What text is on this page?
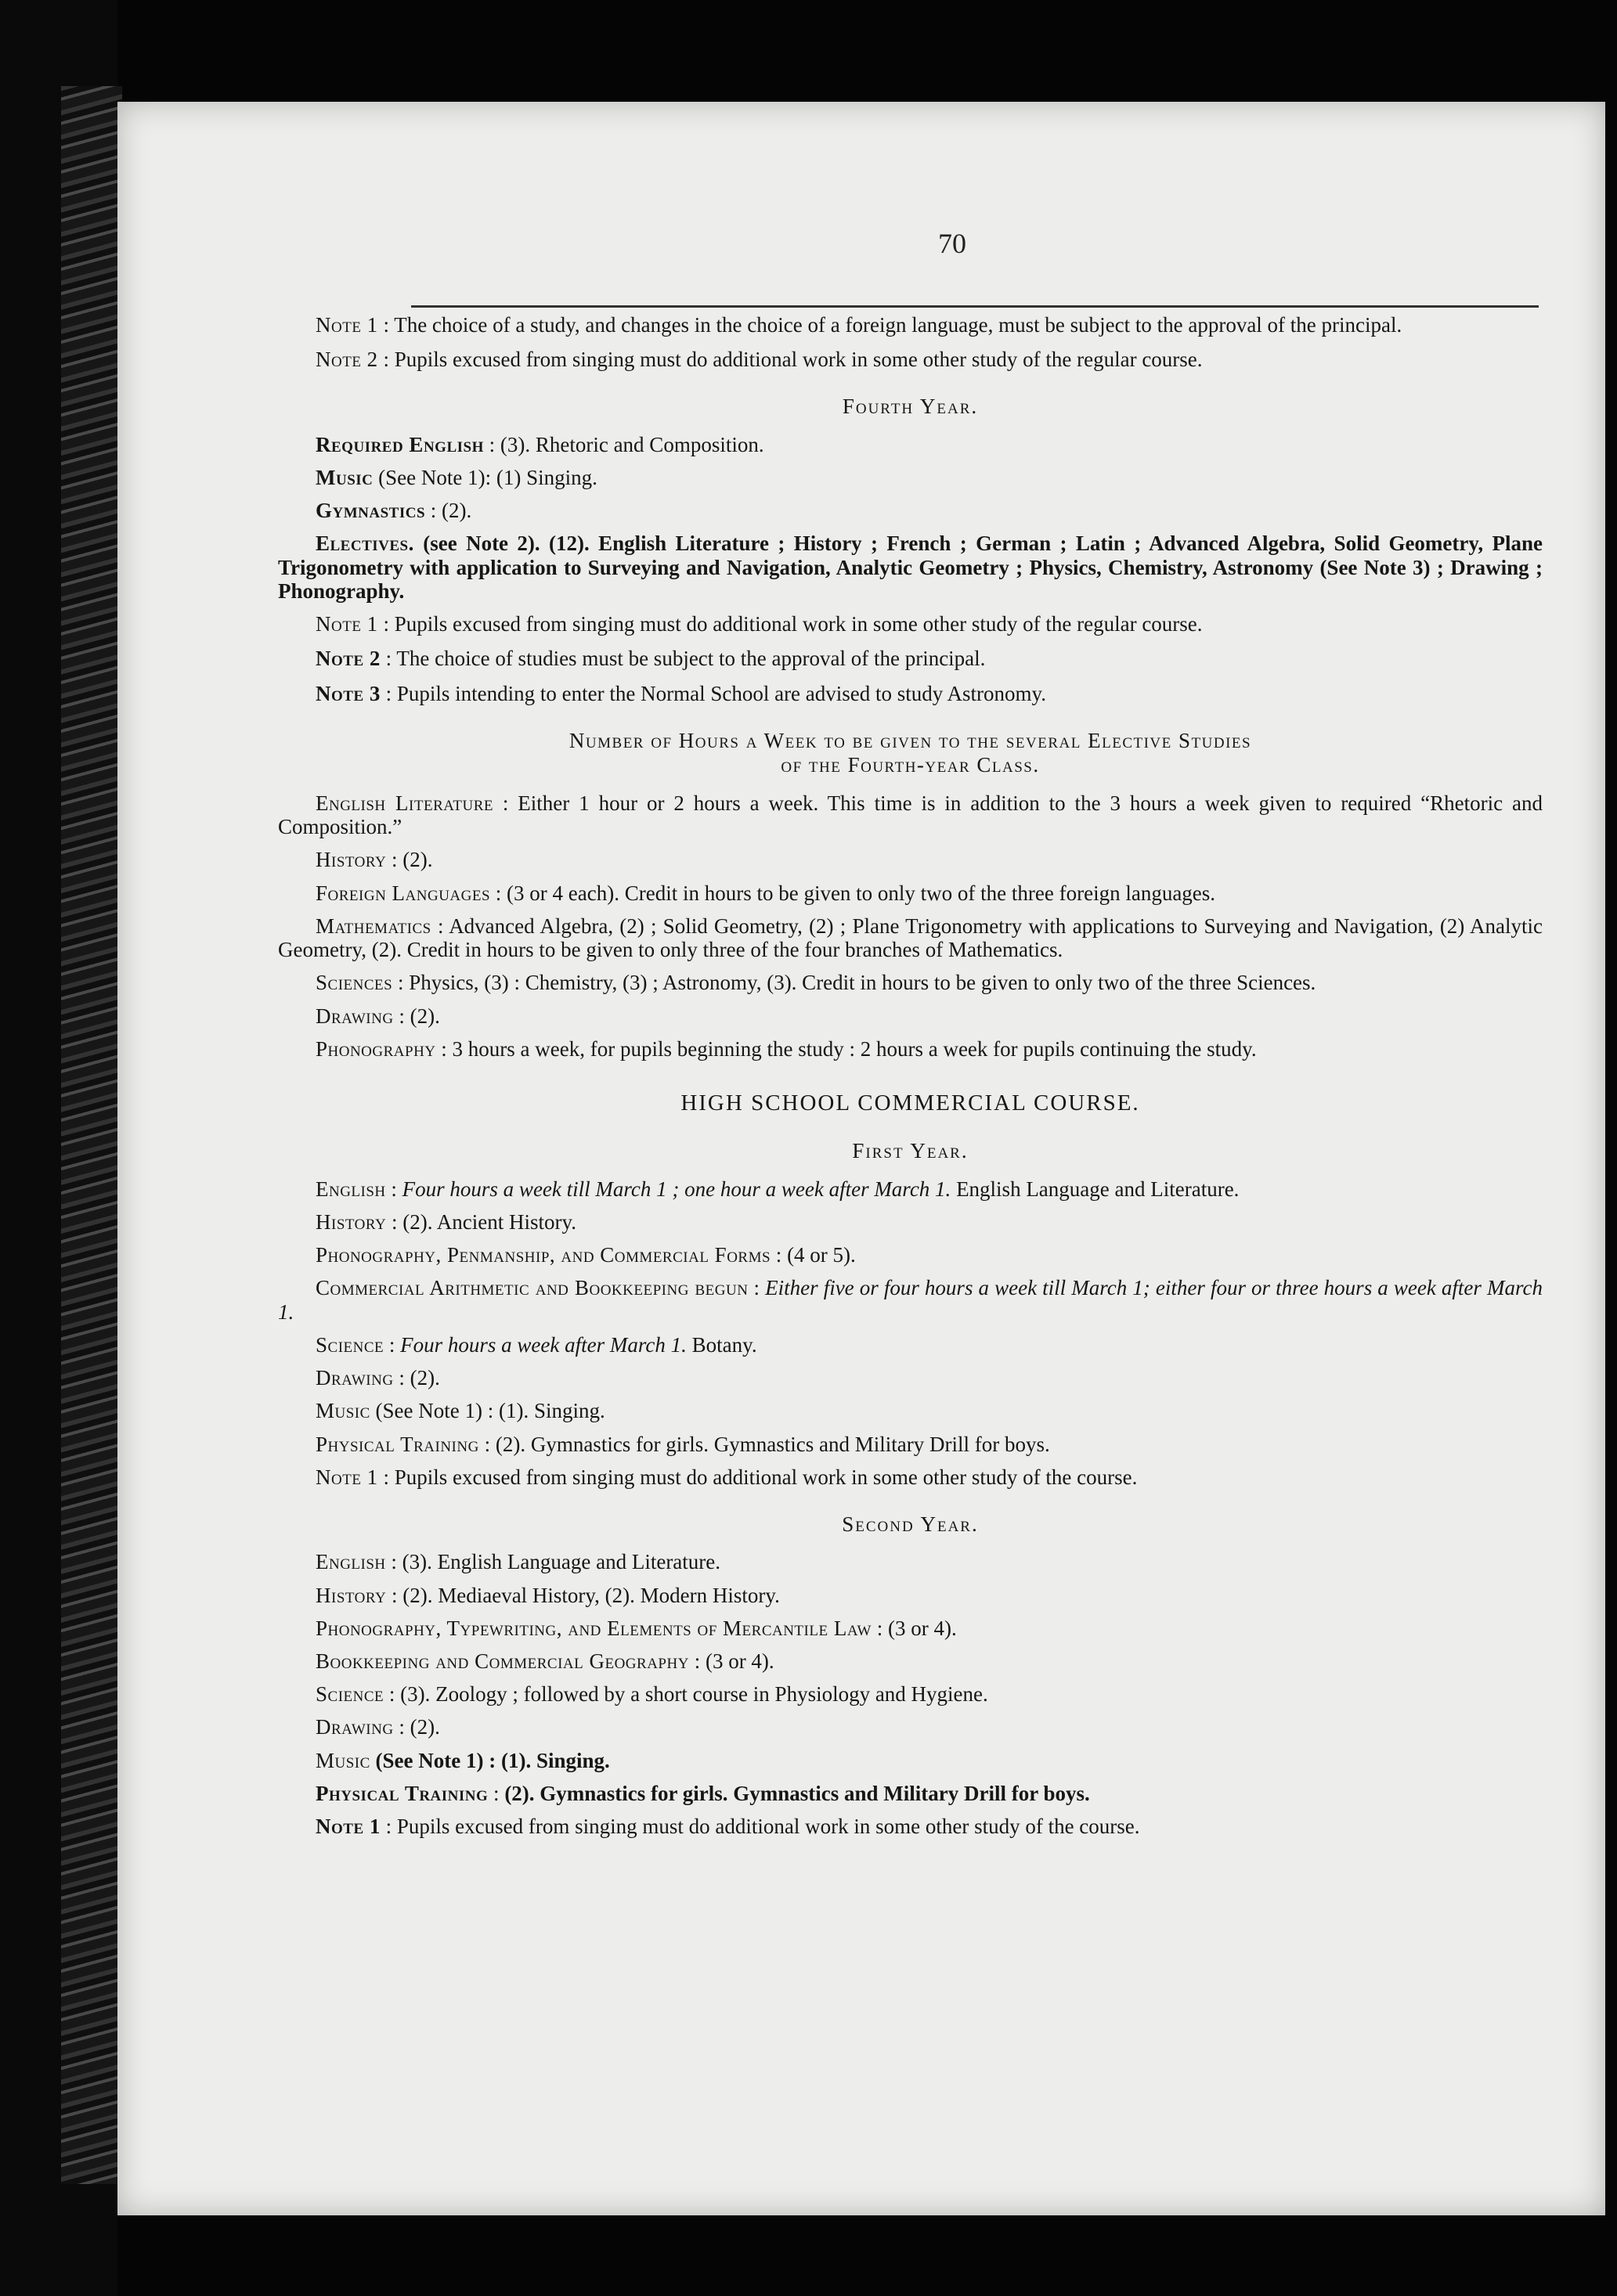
70

Note 1 : The choice of a study, and changes in the choice of a foreign language, must be subject to the approval of the principal.

Note 2 : Pupils excused from singing must do additional work in some other study of the regular course.

Fourth Year.

Required English : (3). Rhetoric and Composition.

Music (See Note 1): (1) Singing.

Gymnastics : (2).

Electives. (see Note 2). (12). English Literature ; History ; French ; German ; Latin ; Advanced Algebra, Solid Geometry, Plane Trigonometry with application to Surveying and Navigation, Analytic Geometry ; Physics, Chemistry, Astronomy (See Note 3) ; Drawing ; Phonography.

Note 1 : Pupils excused from singing must do additional work in some other study of the regular course.

Note 2 : The choice of studies must be subject to the approval of the principal.

Note 3 : Pupils intending to enter the Normal School are advised to study Astronomy.

Number of Hours a Week to be given to the several Elective Studies
of the Fourth-year Class.

English Literature : Either 1 hour or 2 hours a week. This time is in addition to the 3 hours a week given to required “Rhetoric and Composition.”

History : (2).

Foreign Languages : (3 or 4 each). Credit in hours to be given to only two of the three foreign languages.

Mathematics : Advanced Algebra, (2) ; Solid Geometry, (2) ; Plane Trigonometry with applications to Surveying and Navigation, (2) Analytic Geometry, (2). Credit in hours to be given to only three of the four branches of Mathematics.

Sciences : Physics, (3) : Chemistry, (3) ; Astronomy, (3). Credit in hours to be given to only two of the three Sciences.

Drawing : (2).

Phonography : 3 hours a week, for pupils beginning the study : 2 hours a week for pupils continuing the study.

HIGH SCHOOL COMMERCIAL COURSE.
First Year.

English : Four hours a week till March 1 ; one hour a week after March 1. English Language and Literature.

History : (2). Ancient History.

Phonography, Penmanship, and Commercial Forms : (4 or 5).

Commercial Arithmetic and Bookkeeping begun : Either five or four hours a week till March 1; either four or three hours a week after March 1.

Science : Four hours a week after March 1. Botany.

Drawing : (2).

Music (See Note 1) : (1). Singing.

Physical Training : (2). Gymnastics for girls. Gymnastics and Military Drill for boys.

Note 1 : Pupils excused from singing must do additional work in some other study of the course.

Second Year.

English : (3). English Language and Literature.

History : (2). Mediaeval History, (2). Modern History.

Phonography, Typewriting, and Elements of Mercantile Law : (3 or 4).

Bookkeeping and Commercial Geography : (3 or 4).

Science : (3). Zoology ; followed by a short course in Physiology and Hygiene.

Drawing : (2).

Music (See Note 1) : (1). Singing.

Physical Training : (2). Gymnastics for girls. Gymnastics and Military Drill for boys.

Note 1 : Pupils excused from singing must do additional work in some other study of the course.
